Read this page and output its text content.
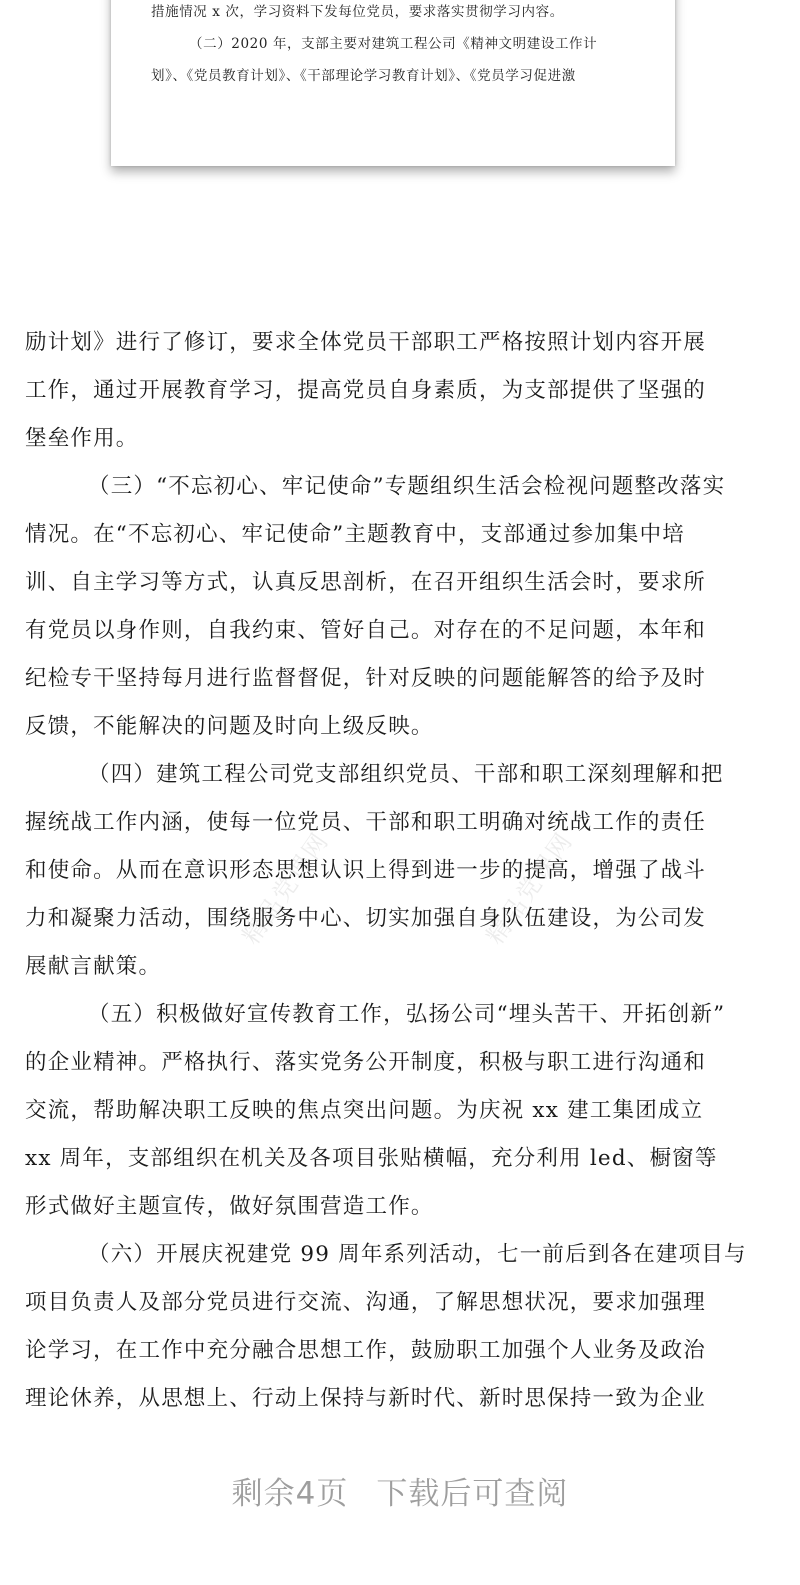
措施情况 x 次，学习资料下发每位党员，要求落实贯彻学习内容。
（二）2020 年，支部主要对建筑工程公司《精神文明建设工作计
划》、《党员教育计划》、《干部理论学习教育计划》、《党员学习促进激
精品党课网	精品党课网
励计划》进行了修订，要求全体党员干部职工严格按照计划内容开展
工作，通过开展教育学习，提高党员自身素质，为支部提供了坚强的
堡垒作用。
（三）“不忘初心、牢记使命”专题组织生活会检视问题整改落实
情况。在“不忘初心、牢记使命”主题教育中，支部通过参加集中培
训、自主学习等方式，认真反思剖析，在召开组织生活会时，要求所
有党员以身作则，自我约束、管好自己。对存在的不足问题，本年和
纪检专干坚持每月进行监督督促，针对反映的问题能解答的给予及时
反馈，不能解决的问题及时向上级反映。
（四）建筑工程公司党支部组织党员、干部和职工深刻理解和把
握统战工作内涵，使每一位党员、干部和职工明确对统战工作的责任
和使命。从而在意识形态思想认识上得到进一步的提高，增强了战斗
力和凝聚力活动，围绕服务中心、切实加强自身队伍建设，为公司发
展献言献策。
（五）积极做好宣传教育工作，弘扬公司“埋头苦干、开拓创新”
的企业精神。严格执行、落实党务公开制度，积极与职工进行沟通和
交流，帮助解决职工反映的焦点突出问题。为庆祝 xx 建工集团成立
xx 周年，支部组织在机关及各项目张贴横幅，充分利用 led、橱窗等
形式做好主题宣传，做好氛围营造工作。
（六）开展庆祝建党 99 周年系列活动，七一前后到各在建项目与
项目负责人及部分党员进行交流、沟通，了解思想状况，要求加强理
论学习，在工作中充分融合思想工作，鼓励职工加强个人业务及政治
理论休养，从思想上、行动上保持与新时代、新时思保持一致为企业
剩余4页 下载后可查阅
